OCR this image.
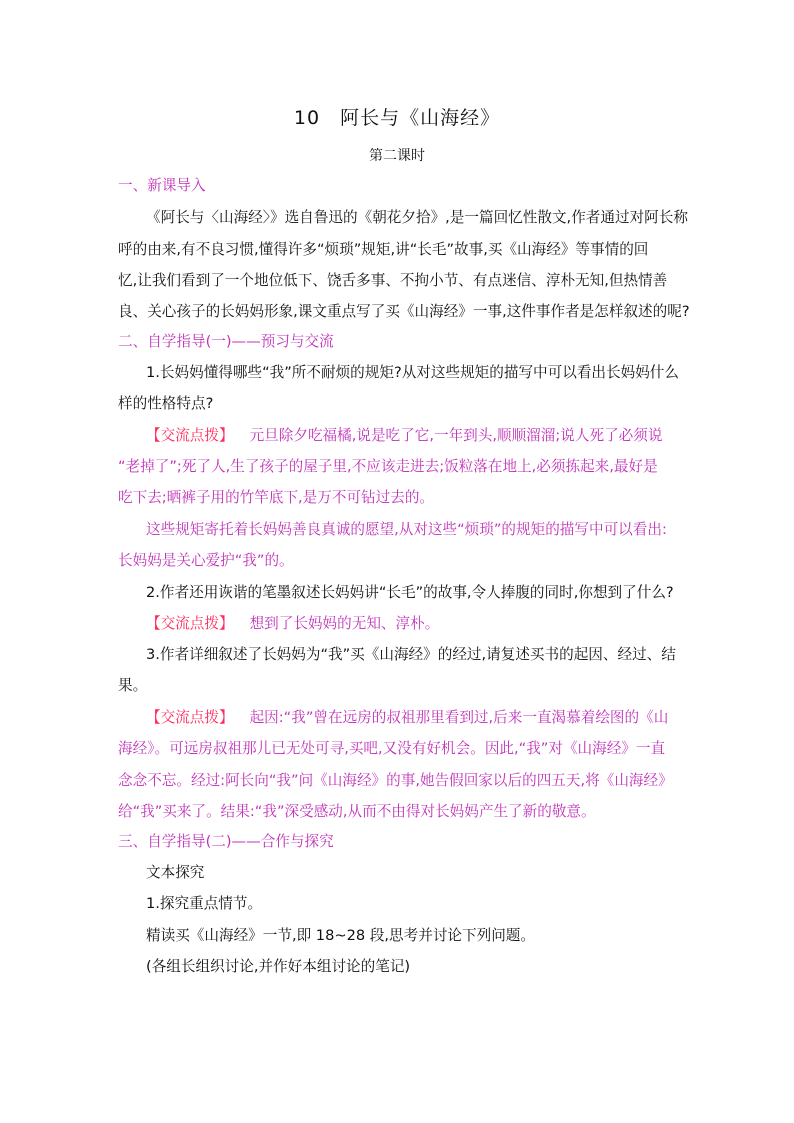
10　阿长与《山海经》
第二课时
一、新课导入
《阿长与〈山海经〉》选自鲁迅的《朝花夕拾》,是一篇回忆性散文,作者通过对阿长称
呼的由来,有不良习惯,懂得许多“烦琐”规矩,讲“长毛”故事,买《山海经》等事情的回
忆,让我们看到了一个地位低下、饶舌多事、不拘小节、有点迷信、淳朴无知,但热情善
良、关心孩子的长妈妈形象,课文重点写了买《山海经》一事,这件事作者是怎样叙述的呢?
二、自学指导(一)——预习与交流
1.长妈妈懂得哪些“我”所不耐烦的规矩?从对这些规矩的描写中可以看出长妈妈什么
样的性格特点?
【交流点拨】 元旦除夕吃福橘,说是吃了它,一年到头,顺顺溜溜;说人死了必须说
“老掉了”;死了人,生了孩子的屋子里,不应该走进去;饭粒落在地上,必须拣起来,最好是
吃下去;晒裤子用的竹竿底下,是万不可钻过去的。
这些规矩寄托着长妈妈善良真诚的愿望,从对这些“烦琐”的规矩的描写中可以看出:
长妈妈是关心爱护“我”的。
2.作者还用诙谐的笔墨叙述长妈妈讲“长毛”的故事,令人捧腹的同时,你想到了什么?
【交流点拨】 想到了长妈妈的无知、淳朴。
3.作者详细叙述了长妈妈为“我”买《山海经》的经过,请复述买书的起因、经过、结
果。
【交流点拨】 起因:“我”曾在远房的叔祖那里看到过,后来一直渴慕着绘图的《山
海经》。可远房叔祖那儿已无处可寻,买吧,又没有好机会。因此,“我”对《山海经》一直
念念不忘。经过:阿长向“我”问《山海经》的事,她告假回家以后的四五天,将《山海经》
给“我”买来了。结果:“我”深受感动,从而不由得对长妈妈产生了新的敬意。
三、自学指导(二)——合作与探究
文本探究
1.探究重点情节。
精读买《山海经》一节,即 18~28 段,思考并讨论下列问题。
(各组长组织讨论,并作好本组讨论的笔记)
